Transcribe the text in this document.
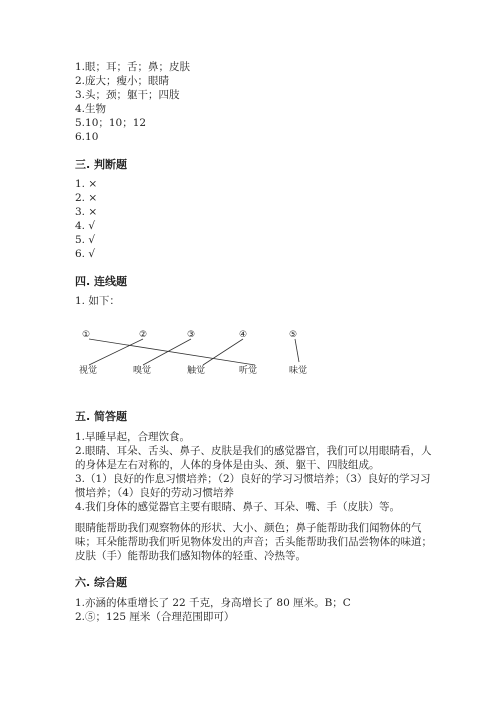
1.眼；耳；舌；鼻；皮肤
2.庞大；瘦小；眼睛
3.头；颈；躯干；四肢
4.生物
5.10；10；12
6.10
三. 判断题
1. ×
2. ×
3. ×
4. √
5. √
6. √
四. 连线题
1. 如下：
①	②	③	④	⑤
视觉	嗅觉	触觉	听觉	味觉
五. 简答题
1.早睡早起，合理饮食。
2.眼睛、耳朵、舌头、鼻子、皮肤是我们的感觉器官，我们可以用眼睛看，人
的身体是左右对称的，人体的身体是由头、颈、躯干、四肢组成。
3.（1）良好的作息习惯培养；（2）良好的学习习惯培养；（3）良好的学习习
惯培养；（4）良好的劳动习惯培养
4.我们身体的感觉器官主要有眼睛、鼻子、耳朵、嘴、手（皮肤）等。
眼睛能帮助我们观察物体的形状、大小、颜色；鼻子能帮助我们闻物体的气
味；耳朵能帮助我们听见物体发出的声音；舌头能帮助我们品尝物体的味道；
皮肤（手）能帮助我们感知物体的轻重、冷热等。
六. 综合题
1.亦涵的体重增长了 22 千克，身高增长了 80 厘米。B；C
2.⑤；125 厘米（合理范围即可）
